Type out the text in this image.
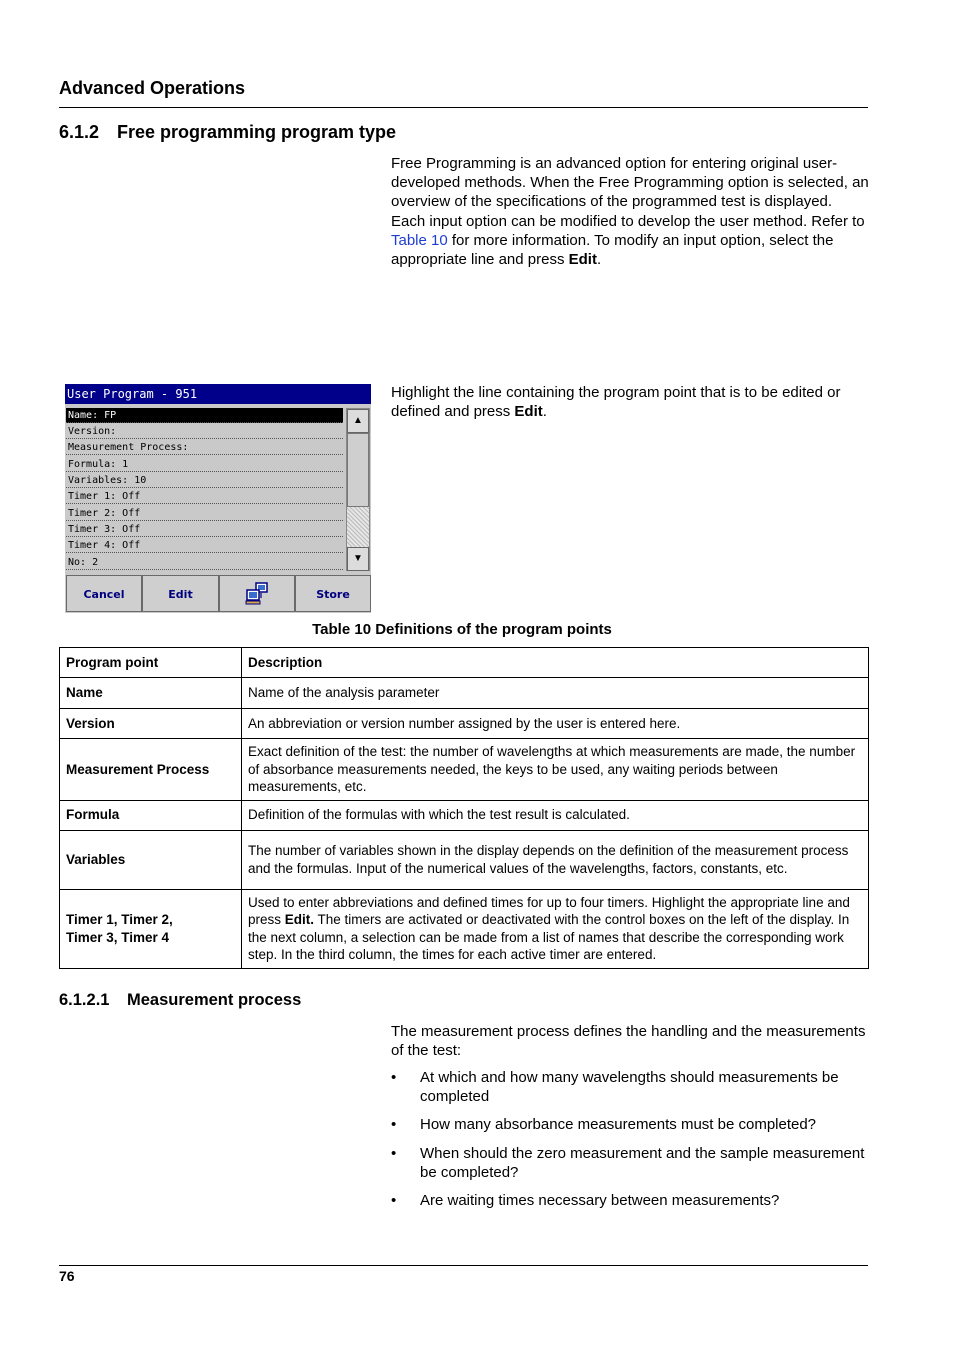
Advanced Operations
6.1.2 Free programming program type
Free Programming is an advanced option for entering original user-developed methods. When the Free Programming option is selected, an overview of the specifications of the programmed test is displayed. Each input option can be modified to develop the user method. Refer to Table 10 for more information. To modify an input option, select the appropriate line and press Edit.
Highlight the line containing the program point that is to be edited or defined and press Edit.
User Program - 951
Name: FP
Version:
Measurement Process:
Formula: 1
Variables: 10
Timer 1: Off
Timer 2: Off
Timer 3: Off
Timer 4: Off
No: 2
▲
▼
Cancel	Edit	Store
Table 10 Definitions of the program points
Program point	Description
Name	Name of the analysis parameter
Version	An abbreviation or version number assigned by the user is entered here.
Measurement Process	Exact definition of the test: the number of wavelengths at which measurements are made, the number of absorbance measurements needed, the keys to be used, any waiting periods between measurements, etc.
Formula	Definition of the formulas with which the test result is calculated.
Variables	The number of variables shown in the display depends on the definition of the measurement process and the formulas. Input of the numerical values of the wavelengths, factors, constants, etc.
Timer 1, Timer 2,
Timer 3, Timer 4	Used to enter abbreviations and defined times for up to four timers. Highlight the appropriate line and press Edit. The timers are activated or deactivated with the control boxes on the left of the display. In the next column, a selection can be made from a list of names that describe the corresponding work step. In the third column, the times for each active timer are entered.
6.1.2.1 Measurement process
The measurement process defines the handling and the measurements of the test:
• At which and how many wavelengths should measurements be completed
• How many absorbance measurements must be completed?
• When should the zero measurement and the sample measurement be completed?
• Are waiting times necessary between measurements?
76
